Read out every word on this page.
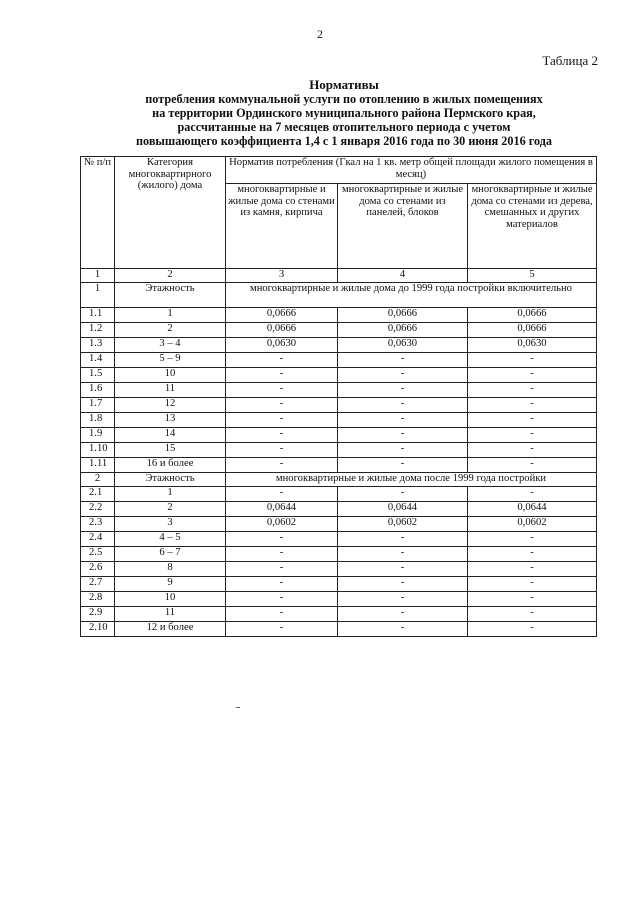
2
Таблица 2
Нормативы
потребления коммунальной услуги по отоплению в жилых помещениях
на территории Ординского муниципального района Пермского края,
рассчитанные на 7 месяцев отопительного периода с учетом
повышающего коэффициента 1,4 с 1 января 2016 года по 30 июня 2016 года
№ п/п	Категория многоквартирного (жилого) дома	Норматив потребления (Гкал на 1 кв. метр общей площади жилого помещения в месяц)		
		многоквартирные и жилые дома со стенами из камня, кирпича	многоквартирные и жилые дома со стенами из панелей, блоков	многоквартирные и жилые дома со стенами из дерева, смешанных и других материалов
1	2	3	4	5
1	Этажность	многоквартирные и жилые дома до 1999 года постройки включительно		
1.1	1	0,0666	0,0666	0,0666
1.2	2	0,0666	0,0666	0,0666
1.3	3 – 4	0,0630	0,0630	0,0630
1.4	5 – 9	-	-	-
1.5	10	-	-	-
1.6	11	-	-	-
1.7	12	-	-	-
1.8	13	-	-	-
1.9	14	-	-	-
1.10	15	-	-	-
1.11	16 и более	-	-	-
2	Этажность	многоквартирные и жилые дома после 1999 года постройки		
2.1	1	-	-	-
2.2	2	0,0644	0,0644	0,0644
2.3	3	0,0602	0,0602	0,0602
2.4	4 – 5	-	-	-
2.5	6 – 7	-	-	-
2.6	8	-	-	-
2.7	9	-	-	-
2.8	10	-	-	-
2.9	11	-	-	-
2.10	12 и более	-	-	-
